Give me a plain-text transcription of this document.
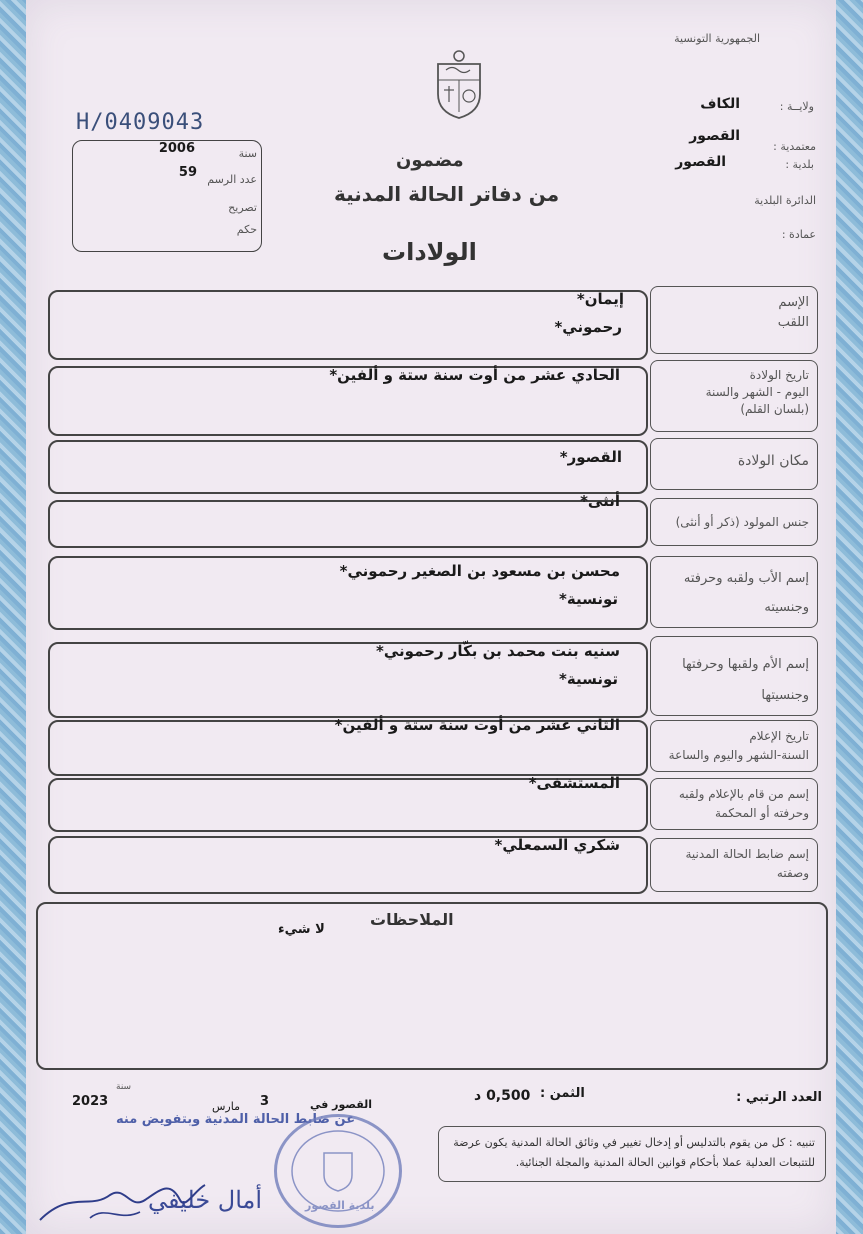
الجمهورية التونسية
ولايــة :
الكاف
معتمدية :
القصور
بلدية :
القصور
الدائرة البلدية
عمادة :
H/0409043
سنة
2006
عدد الرسم
59
تصريح
حكم
مضمون
من دفاتر الحالة المدنية
الولادات
الإسم
اللقب
إيمان*
رحموني*
تاريخ الولادة
اليوم - الشهر والسنة
(بلسان القلم)
الحادي عشر من أوت سنة ستة و ألفين*
مكان الولادة
القصور*
جنس المولود (ذكر أو أنثى)
أنثى*
إسم الأب ولقبه وحرفته
وجنسيته
محسن بن مسعود بن الصغير رحموني*
تونسية*
إسم الأم ولقبها وحرفتها
وجنسيتها
سنيه بنت محمد بن بكّار رحموني*
تونسية*
تاريخ الإعلام
السنة-الشهر واليوم والساعة
الثاني عشر من أوت سنة ستة و ألفين*
إسم من قام بالإعلام ولقبه
وحرفته أو المحكمة
المستشفى*
إسم ضابط الحالة المدنية
وصفته
شكري السمعلي*
الملاحظات
لا شيء
العدد الرتبي :
الثمن :
0,500 د
القصور في
3
مارس
سنة
2023
عن ضابط الحالة المدنية وبتفويض منه
أمال خليفي	بلدية القصور
تنبيه : كل من يقوم بالتدليس أو إدخال تغيير في وثائق الحالة المدنية يكون عرضة للتتبعات العدلية عملا بأحكام قوانين الحالة المدنية والمجلة الجنائية.
